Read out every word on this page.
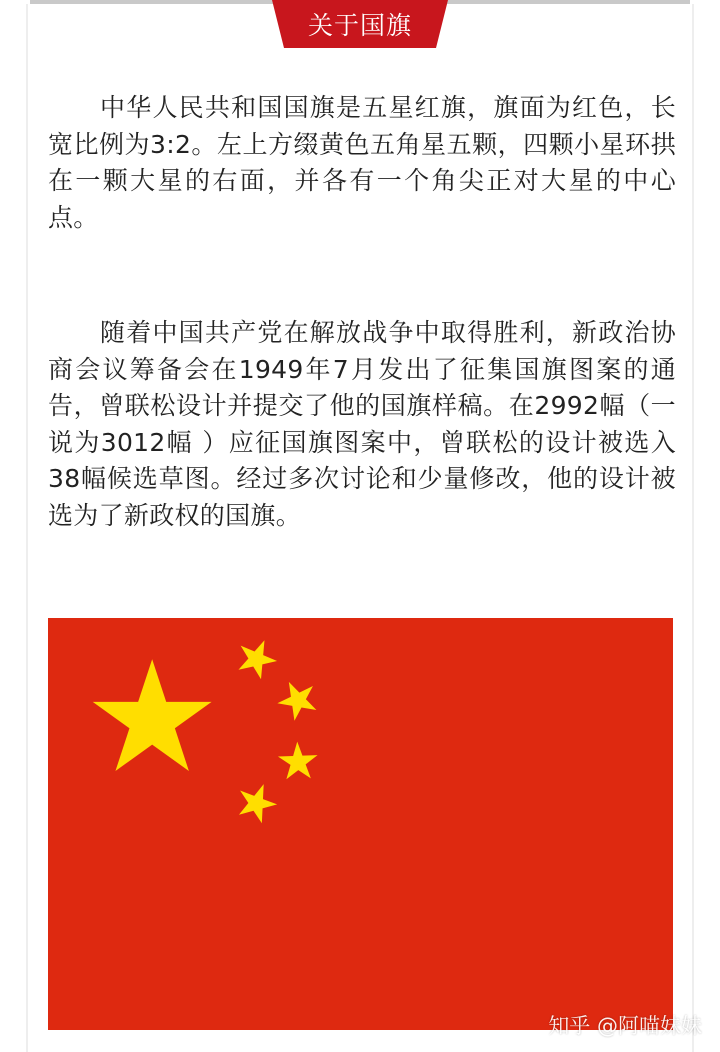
关于国旗

中华人民共和国国旗是五星红旗，旗面为红色，长宽比例为3:2。左上方缀黄色五角星五颗，四颗小星环拱在一颗大星的右面，并各有一个角尖正对大星的中心点。

随着中国共产党在解放战争中取得胜利，新政治协商会议筹备会在1949年7月发出了征集国旗图案的通告，曾联松设计并提交了他的国旗样稿。在2992幅（一说为3012幅 ）应征国旗图案中，曾联松的设计被选入38幅候选草图。经过多次讨论和少量修改，他的设计被选为了新政权的国旗。

知乎 @阿喵妹妹
